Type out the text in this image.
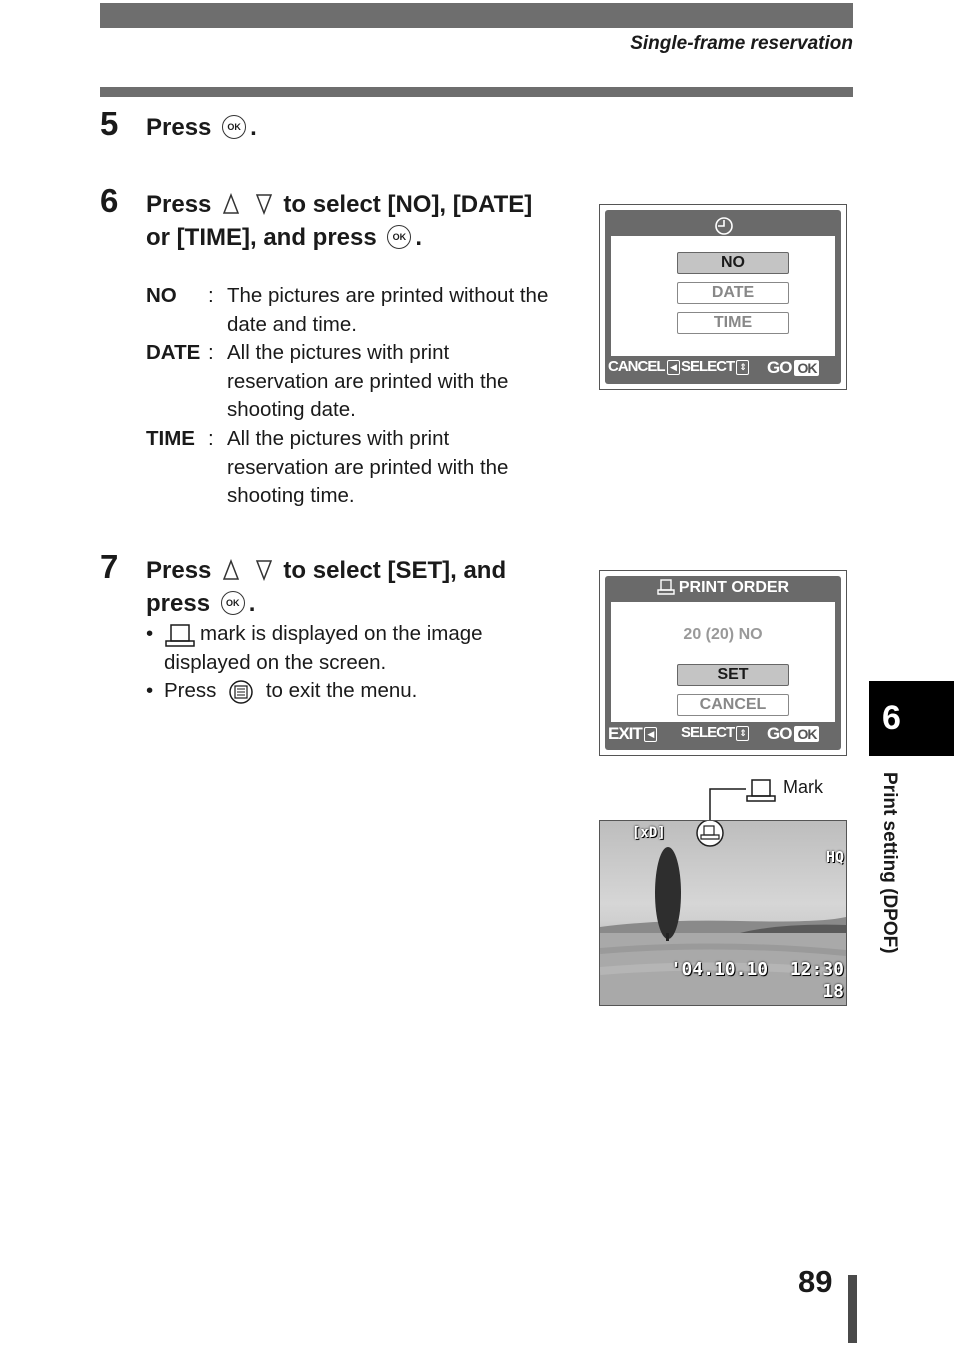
Single-frame reservation
5 Press OK .
6 Press	to select [NO], [DATE]
or [TIME], and press OK .
NO : The pictures are printed without the
date and time.
DATE : All the pictures with print
reservation are printed with the
shooting date.
TIME : All the pictures with print
reservation are printed with the
shooting time.
NO
DATE
TIME
CANCEL ◀ SELECT ⇕ GO OK
7 Press	to select [SET], and
press OK .
• mark is displayed on the image
displayed on the screen.
• Press to exit the menu.
PRINT ORDER
20 (20) NO
SET
CANCEL
EXIT ◀ SELECT ⇕ GO OK
Mark
[xD]
HQ
'04.10.10  12:30
18
6
Print setting (DPOF)
89
